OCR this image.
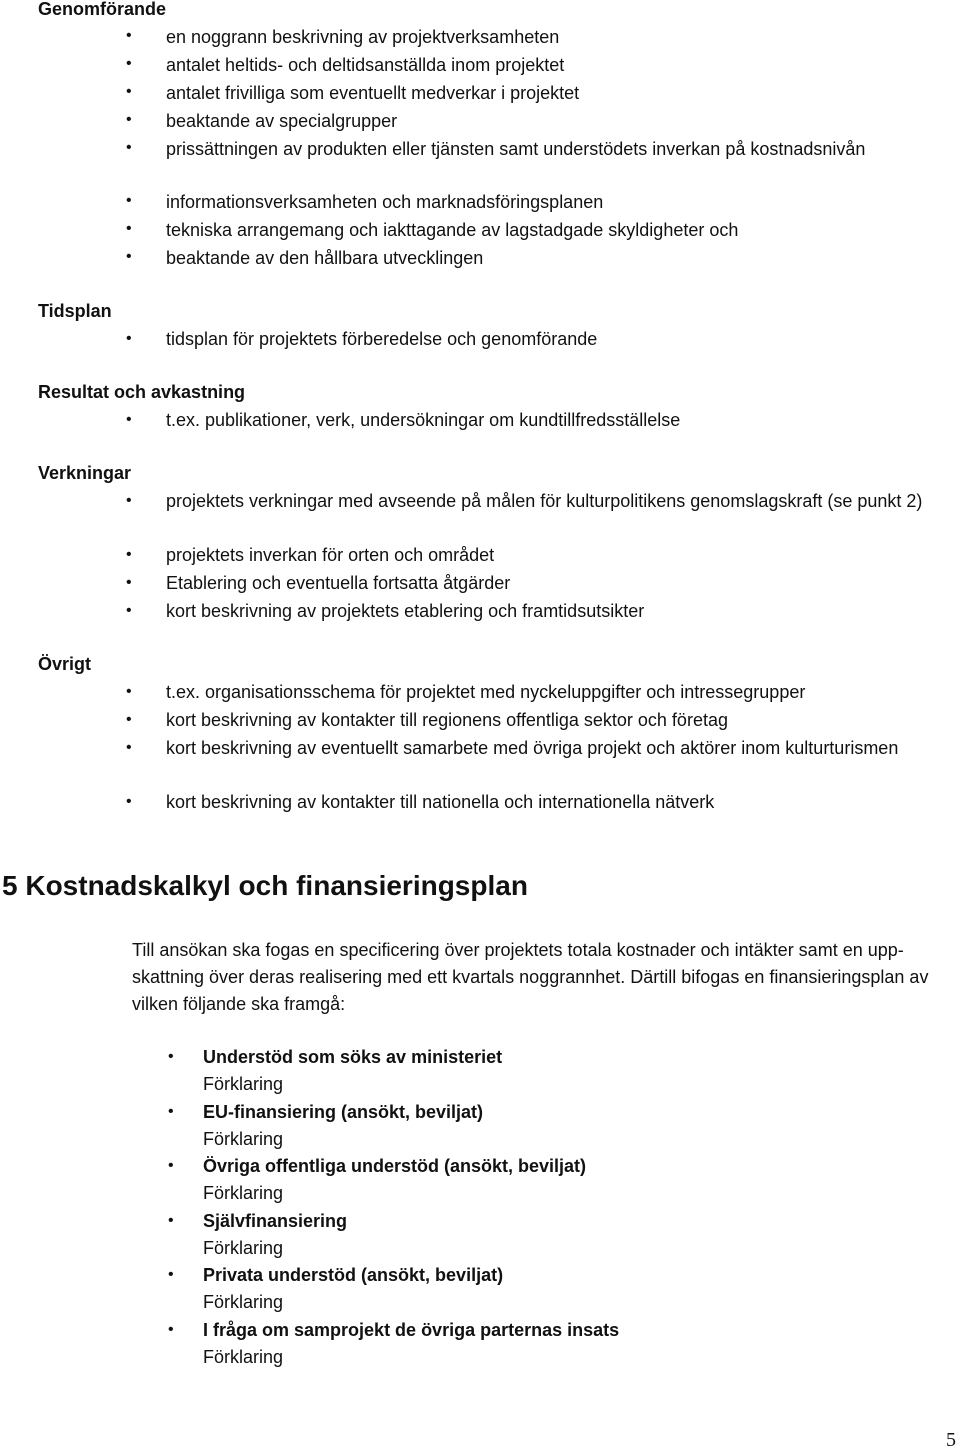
Genomförande
• en noggrann beskrivning av projektverksamheten
• antalet heltids- och deltidsanställda inom projektet
• antalet frivilliga som eventuellt medverkar i projektet
• beaktande av specialgrupper
• prissättningen av produkten eller tjänsten samt understödets inverkan på kostnadsnivån
• informationsverksamheten och marknadsföringsplanen
• tekniska arrangemang och iakttagande av lagstadgade skyldigheter och
• beaktande av den hållbara utvecklingen
Tidsplan
• tidsplan för projektets förberedelse och genomförande
Resultat och avkastning
• t.ex. publikationer, verk, undersökningar om kundtillfredsställelse
Verkningar
• projektets verkningar med avseende på målen för kulturpolitikens genomslagskraft (se punkt 2)
• projektets inverkan för orten och området
• Etablering och eventuella fortsatta åtgärder
• kort beskrivning av projektets etablering och framtidsutsikter
Övrigt
• t.ex. organisationsschema för projektet med nyckeluppgifter och intressegrupper
• kort beskrivning av kontakter till regionens offentliga sektor och företag
• kort beskrivning av eventuellt samarbete med övriga projekt och aktörer inom kulturturismen
• kort beskrivning av kontakter till nationella och internationella nätverk
5 Kostnadskalkyl och finansieringsplan
Till ansökan ska fogas en specificering över projektets totala kostnader och intäkter samt en upp-skattning över deras realisering med ett kvartals noggrannhet. Därtill bifogas en finansieringsplan av vilken följande ska framgå:
• Understöd som söks av ministeriet
Förklaring
• EU-finansiering (ansökt, beviljat)
Förklaring
• Övriga offentliga understöd (ansökt, beviljat)
Förklaring
• Självfinansiering
Förklaring
• Privata understöd (ansökt, beviljat)
Förklaring
• I fråga om samprojekt de övriga parternas insats
Förklaring
5
